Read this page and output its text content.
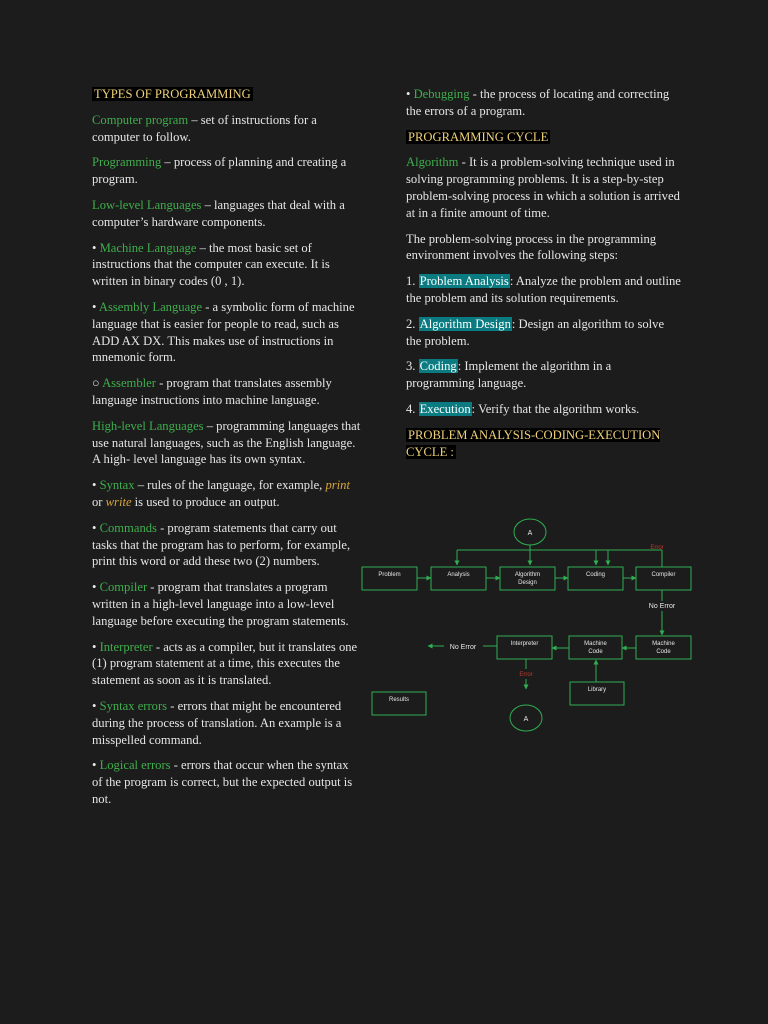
TYPES OF PROGRAMMING

Computer program – set of instructions for a computer to follow.

Programming – process of planning and creating a program.

Low-level Languages – languages that deal with a computer’s hardware components.

• Machine Language – the most basic set of instructions that the computer can execute. It is written in binary codes (0 , 1).

• Assembly Language - a symbolic form of machine language that is easier for people to read, such as ADD AX DX. This makes use of instructions in mnemonic form.

○ Assembler - program that translates assembly language instructions into machine language.

High-level Languages – programming languages that use natural languages, such as the English language. A high- level language has its own syntax.

• Syntax – rules of the language, for example, print or write is used to produce an output.

• Commands - program statements that carry out tasks that the program has to perform, for example, print this word or add these two (2) numbers.

• Compiler - program that translates a program written in a high-level language into a low-level language before executing the program statements.

• Interpreter - acts as a compiler, but it translates one (1) program statement at a time, this executes the statement as soon as it is translated.

• Syntax errors - errors that might be encountered during the process of translation. An example is a misspelled command.

• Logical errors - errors that occur when the syntax of the program is correct, but the expected output is not.

• Debugging - the process of locating and correcting the errors of a program.

PROGRAMMING CYCLE

Algorithm - It is a problem-solving technique used in solving programming problems. It is a step-by-step problem-solving process in which a solution is arrived at in a finite amount of time.

The problem-solving process in the programming environment involves the following steps:

1. Problem Analysis: Analyze the problem and outline the problem and its solution requirements.

2. Algorithm Design: Design an algorithm to solve the problem.

3. Coding: Implement the algorithm in a programming language.

4. Execution: Verify that the algorithm works.

PROBLEM ANALYSIS-CODING-EXECUTION CYCLE :

A
Error
Problem	Analysis	Algorithm
Design
Coding	Compiler
No Error
Machine
Code
Machine
Code
Interpreter
No Error
Error
Library
Results
A
